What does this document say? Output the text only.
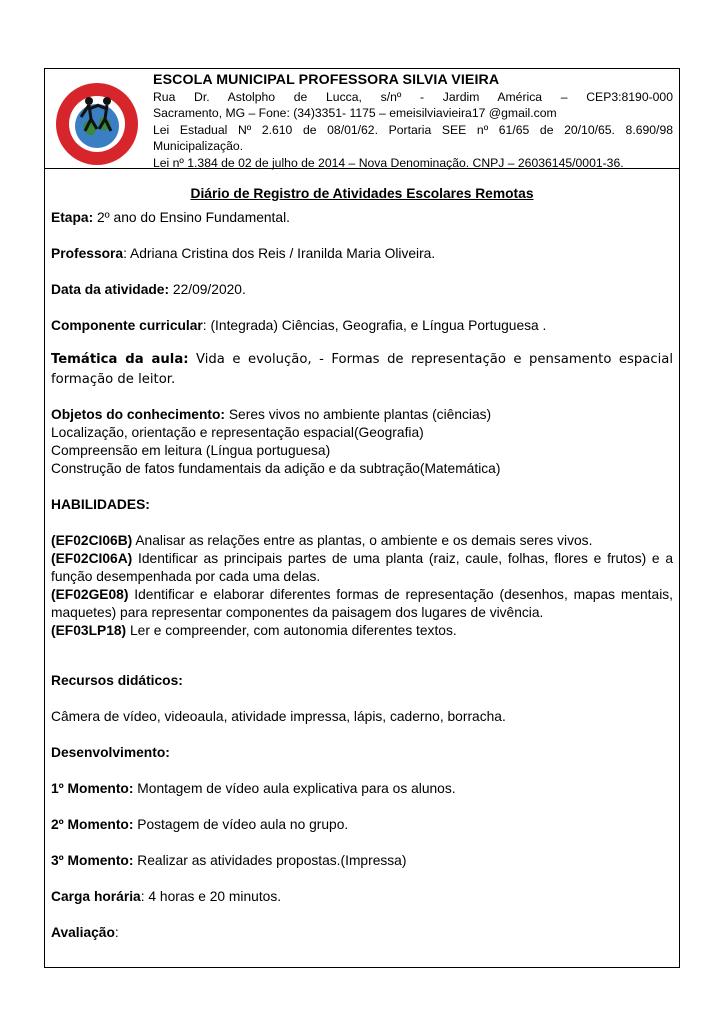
ESCOLA MUNICIPAL PROFESSORA SILVIA VIEIRA
Rua Dr. Astolpho de Lucca, s/nº - Jardim América – CEP3:8190-000
Sacramento, MG – Fone: (34)3351- 1175 – emeisilviavieira17 @gmail.com
Lei Estadual Nº 2.610 de 08/01/62. Portaria SEE nº 61/65 de 20/10/65. 8.690/98
Municipalização.
Lei nº 1.384 de 02 de julho de 2014 – Nova Denominação. CNPJ – 26036145/0001-36.

Diário de Registro de Atividades Escolares Remotas

Etapa: 2º ano do Ensino Fundamental.

Professora: Adriana Cristina dos Reis / Iranilda Maria Oliveira.

Data da atividade: 22/09/2020.

Componente curricular: (Integrada) Ciências, Geografia, e Língua Portuguesa .

Temática da aula: Vida e evolução, - Formas de representação e pensamento espacial formação de leitor.

Objetos do conhecimento: Seres vivos no ambiente plantas (ciências)

Localização, orientação e representação espacial(Geografia)

Compreensão em leitura (Língua portuguesa)

Construção de fatos fundamentais da adição e da subtração(Matemática)

HABILIDADES:

(EF02CI06B) Analisar as relações entre as plantas, o ambiente e os demais seres vivos.

(EF02CI06A) Identificar as principais partes de uma planta (raiz, caule, folhas, flores e frutos) e a função desempenhada por cada uma delas.

(EF02GE08) Identificar e elaborar diferentes formas de representação (desenhos, mapas mentais, maquetes) para representar componentes da paisagem dos lugares de vivência.

(EF03LP18) Ler e compreender, com autonomia diferentes textos.

Recursos didáticos:

Câmera de vídeo, videoaula, atividade impressa, lápis, caderno, borracha.

Desenvolvimento:

1º Momento: Montagem de vídeo aula explicativa para os alunos.

2º Momento: Postagem de vídeo aula no grupo.

3º Momento: Realizar as atividades propostas.(Impressa)

Carga horária: 4 horas e 20 minutos.

Avaliação:
